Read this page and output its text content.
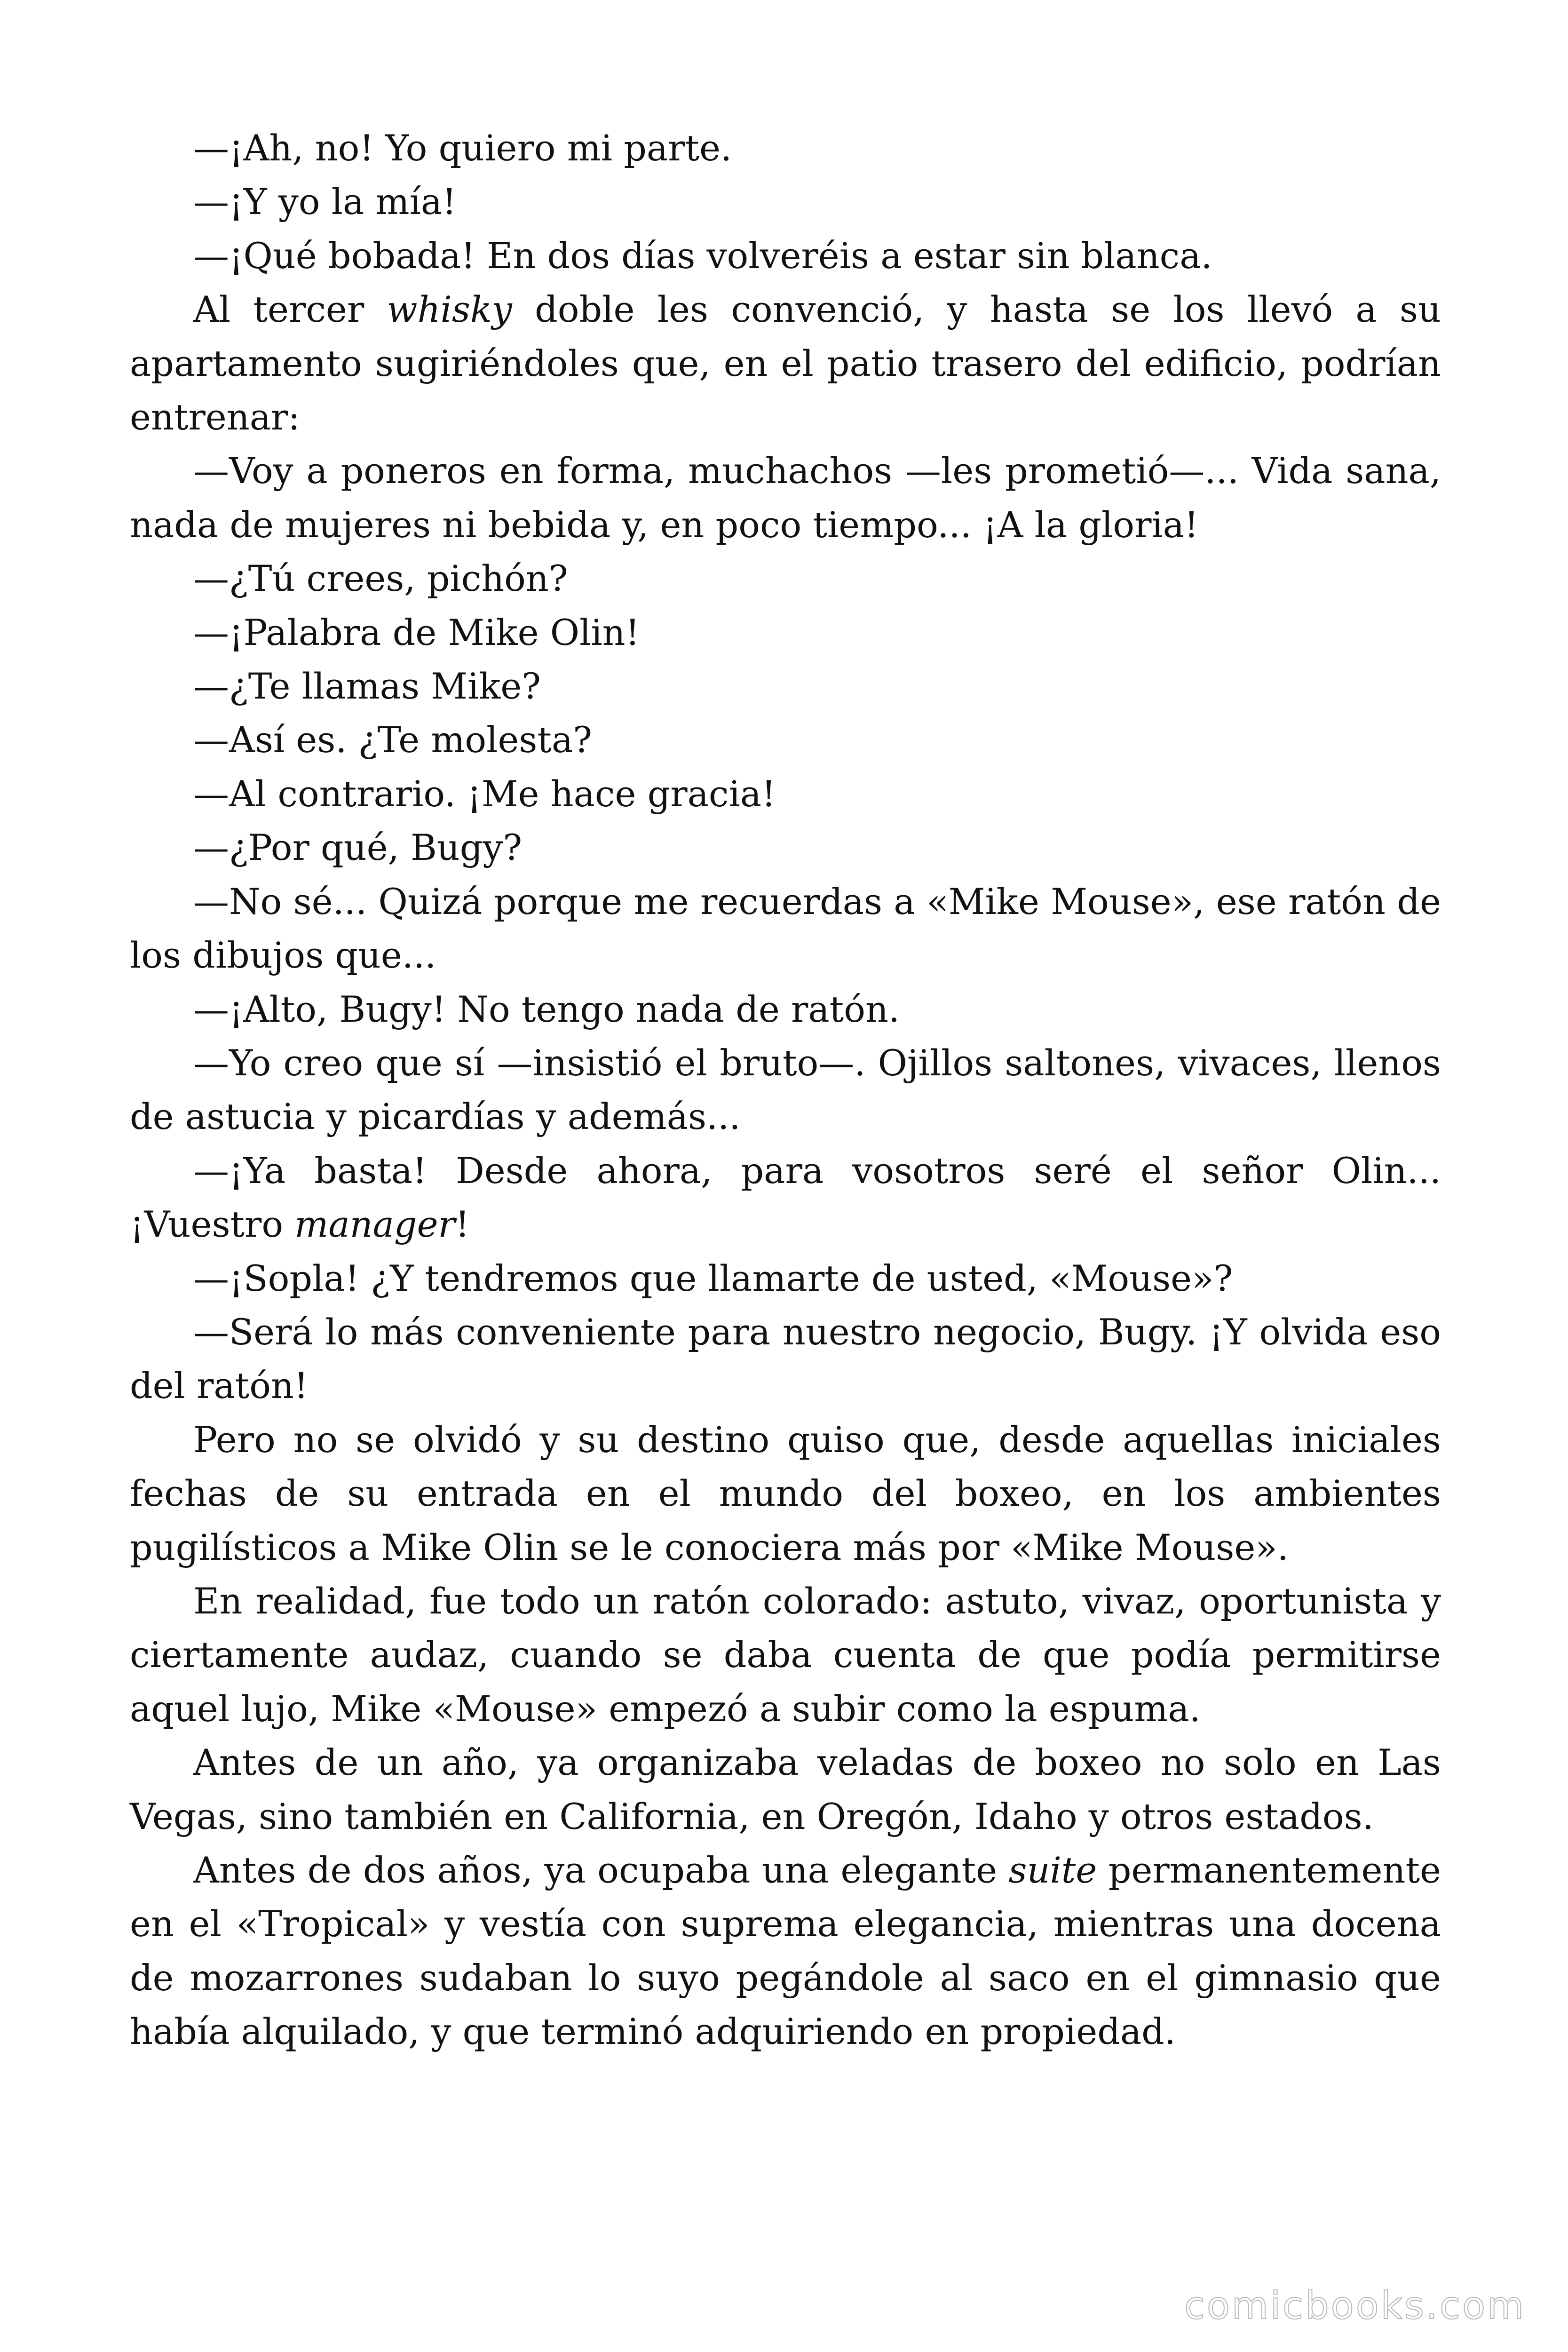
—¡Ah, no! Yo quiero mi parte.

—¡Y yo la mía!

—¡Qué bobada! En dos días volveréis a estar sin blanca.

Al tercer whisky doble les convenció, y hasta se los llevó a su apartamento sugiriéndoles que, en el patio trasero del edificio, podrían entrenar:

—Voy a poneros en forma, muchachos —les prometió—... Vida sana, nada de mujeres ni bebida y, en poco tiempo... ¡A la gloria!

—¿Tú crees, pichón?

—¡Palabra de Mike Olin!

—¿Te llamas Mike?

—Así es. ¿Te molesta?

—Al contrario. ¡Me hace gracia!

—¿Por qué, Bugy?

—No sé... Quizá porque me recuerdas a «Mike Mouse», ese ratón de los dibujos que...

—¡Alto, Bugy! No tengo nada de ratón.

—Yo creo que sí —insistió el bruto—. Ojillos saltones, vivaces, llenos de astucia y picardías y además...

—¡Ya basta! Desde ahora, para vosotros seré el señor Olin... ¡Vuestro manager!

—¡Sopla! ¿Y tendremos que llamarte de usted, «Mouse»?

—Será lo más conveniente para nuestro negocio, Bugy. ¡Y olvida eso del ratón!

Pero no se olvidó y su destino quiso que, desde aquellas iniciales fechas de su entrada en el mundo del boxeo, en los ambientes pugilísticos a Mike Olin se le conociera más por «Mike Mouse».

En realidad, fue todo un ratón colorado: astuto, vivaz, oportunista y ciertamente audaz, cuando se daba cuenta de que podía permitirse aquel lujo, Mike «Mouse» empezó a subir como la espuma.

Antes de un año, ya organizaba veladas de boxeo no solo en Las Vegas, sino también en California, en Oregón, Idaho y otros estados.

Antes de dos años, ya ocupaba una elegante suite permanentemente en el «Tropical» y vestía con suprema elegancia, mientras una docena de mozarrones sudaban lo suyo pegándole al saco en el gimnasio que había alquilado, y que terminó adquiriendo en propiedad.

comicbooks.com
